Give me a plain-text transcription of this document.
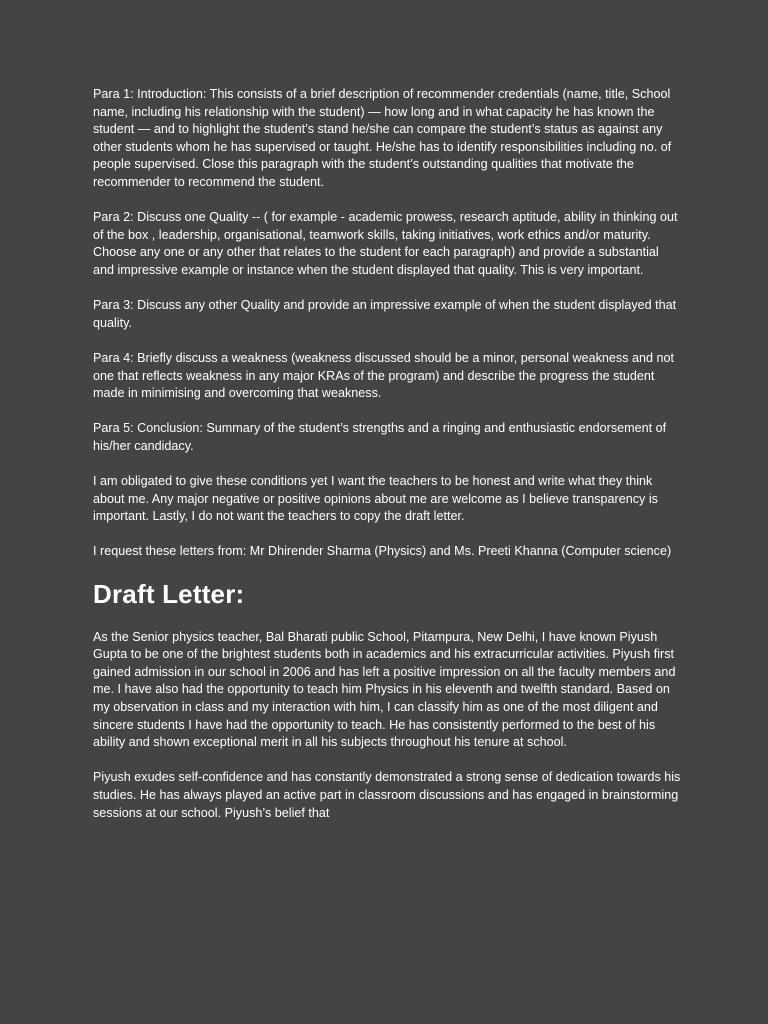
Para 1: Introduction: This consists of a brief description of recommender credentials (name, title, School name, including his relationship with the student) — how long and in what capacity he has known the student — and to highlight the student’s stand he/she can compare the student’s status as against any other students whom he has supervised or taught. He/she has to identify responsibilities including no. of people supervised. Close this paragraph with the student’s outstanding qualities that motivate the recommender to recommend the student.

Para 2: Discuss one Quality -- ( for example - academic prowess, research aptitude, ability in thinking out of the box , leadership, organisational, teamwork skills, taking initiatives, work ethics and/or maturity. Choose any one or any other that relates to the student for each paragraph) and provide a substantial and impressive example or instance when the student displayed that quality. This is very important.

Para 3: Discuss any other Quality and provide an impressive example of when the student displayed that quality.

Para 4: Briefly discuss a weakness (weakness discussed should be a minor, personal weakness and not one that reflects weakness in any major KRAs of the program) and describe the progress the student made in minimising and overcoming that weakness.

Para 5: Conclusion: Summary of the student’s strengths and a ringing and enthusiastic endorsement of his/her candidacy.

I am obligated to give these conditions yet I want the teachers to be honest and write what they think about me. Any major negative or positive opinions about me are welcome as I believe transparency is important. Lastly, I do not want the teachers to copy the draft letter.

I request these letters from: Mr Dhirender Sharma (Physics) and Ms. Preeti Khanna (Computer science)

Draft Letter:

As the Senior physics teacher, Bal Bharati public School, Pitampura, New Delhi, I have known Piyush Gupta to be one of the brightest students both in academics and his extracurricular activities. Piyush first gained admission in our school in 2006 and has left a positive impression on all the faculty members and me. I have also had the opportunity to teach him Physics in his eleventh and twelfth standard. Based on my observation in class and my interaction with him, I can classify him as one of the most diligent and sincere students I have had the opportunity to teach. He has consistently performed to the best of his ability and shown exceptional merit in all his subjects throughout his tenure at school.

Piyush exudes self-confidence and has constantly demonstrated a strong sense of dedication towards his studies. He has always played an active part in classroom discussions and has engaged in brainstorming sessions at our school. Piyush’s belief that
